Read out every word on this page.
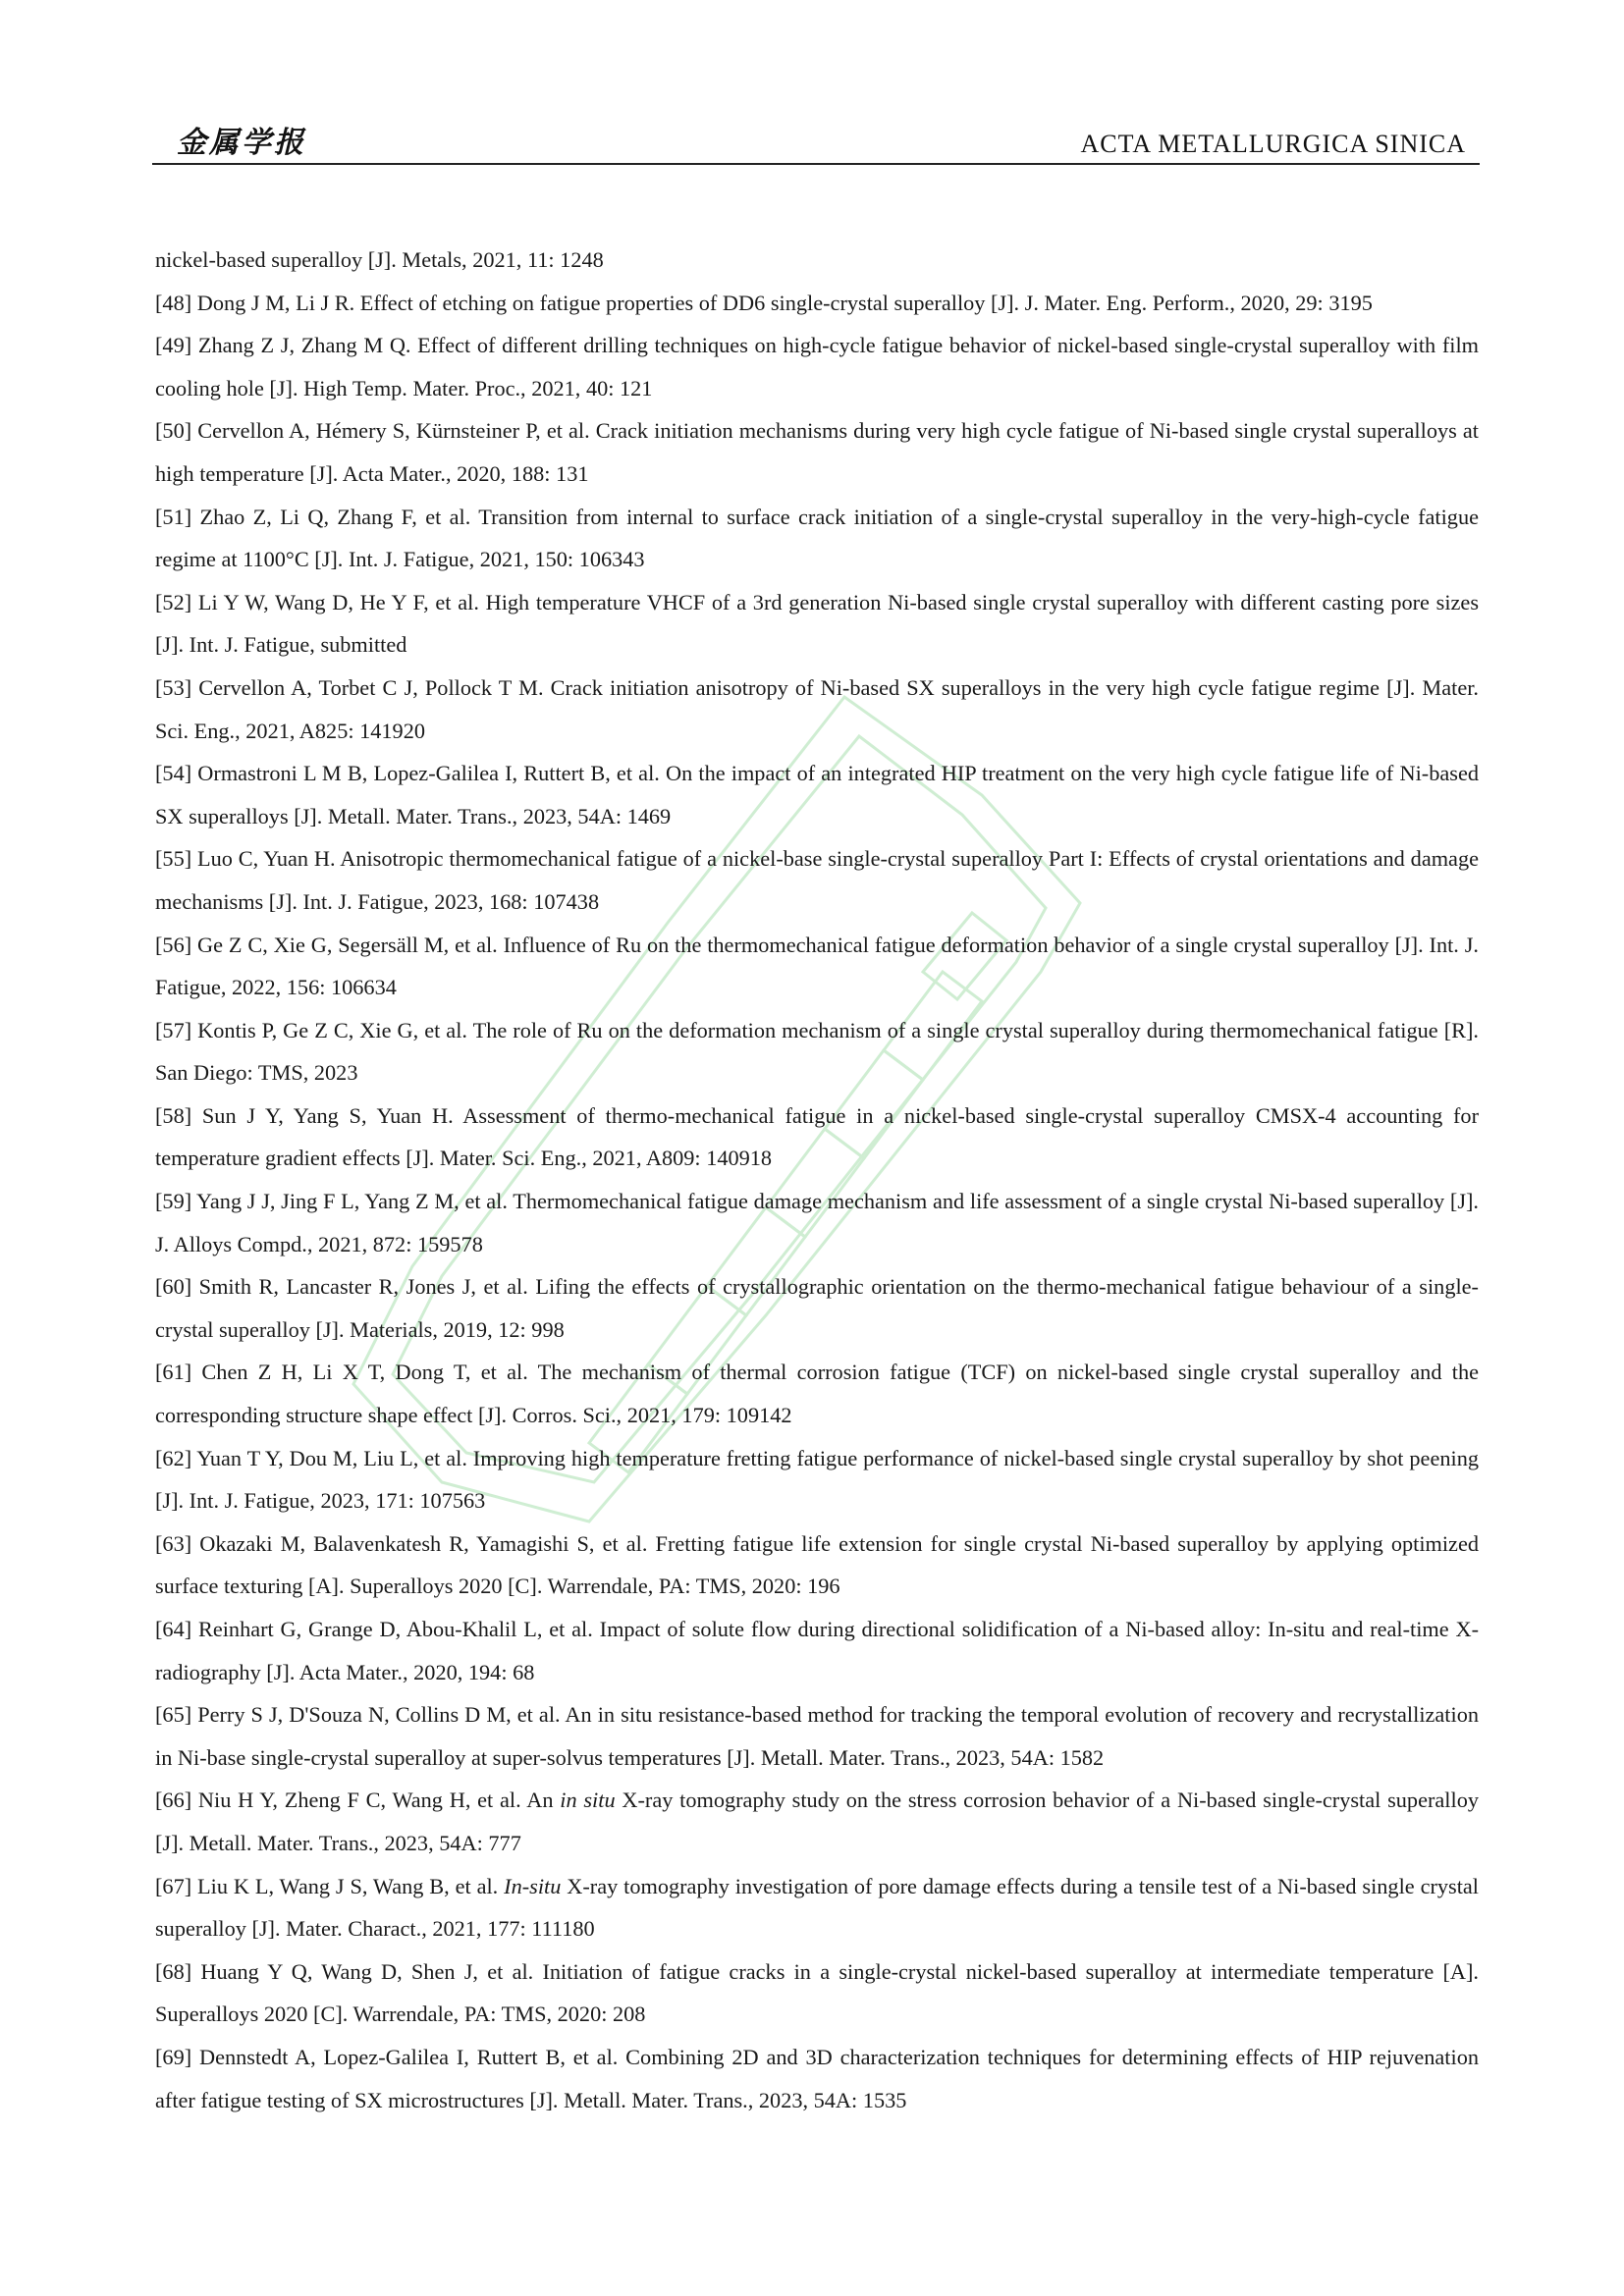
金属学报	ACTA METALLURGICA SINICA

nickel-based superalloy [J]. Metals, 2021, 11: 1248

[48] Dong J M, Li J R. Effect of etching on fatigue properties of DD6 single-crystal superalloy [J]. J. Mater. Eng. Perform., 2020, 29: 3195

[49] Zhang Z J, Zhang M Q. Effect of different drilling techniques on high-cycle fatigue behavior of nickel-based single-crystal superalloy with film cooling hole [J]. High Temp. Mater. Proc., 2021, 40: 121

[50] Cervellon A, Hémery S, Kürnsteiner P, et al. Crack initiation mechanisms during very high cycle fatigue of Ni-based single crystal superalloys at high temperature [J]. Acta Mater., 2020, 188: 131

[51] Zhao Z, Li Q, Zhang F, et al. Transition from internal to surface crack initiation of a single-crystal superalloy in the very-high-cycle fatigue regime at 1100°C [J]. Int. J. Fatigue, 2021, 150: 106343

[52] Li Y W, Wang D, He Y F, et al. High temperature VHCF of a 3rd generation Ni-based single crystal superalloy with different casting pore sizes [J]. Int. J. Fatigue, submitted

[53] Cervellon A, Torbet C J, Pollock T M. Crack initiation anisotropy of Ni-based SX superalloys in the very high cycle fatigue regime [J]. Mater. Sci. Eng., 2021, A825: 141920

[54] Ormastroni L M B, Lopez-Galilea I, Ruttert B, et al. On the impact of an integrated HIP treatment on the very high cycle fatigue life of Ni-based SX superalloys [J]. Metall. Mater. Trans., 2023, 54A: 1469

[55] Luo C, Yuan H. Anisotropic thermomechanical fatigue of a nickel-base single-crystal superalloy Part I: Effects of crystal orientations and damage mechanisms [J]. Int. J. Fatigue, 2023, 168: 107438

[56] Ge Z C, Xie G, Segersäll M, et al. Influence of Ru on the thermomechanical fatigue deformation behavior of a single crystal superalloy [J]. Int. J. Fatigue, 2022, 156: 106634

[57] Kontis P, Ge Z C, Xie G, et al. The role of Ru on the deformation mechanism of a single crystal superalloy during thermomechanical fatigue [R]. San Diego: TMS, 2023

[58] Sun J Y, Yang S, Yuan H. Assessment of thermo-mechanical fatigue in a nickel-based single-crystal superalloy CMSX-4 accounting for temperature gradient effects [J]. Mater. Sci. Eng., 2021, A809: 140918

[59] Yang J J, Jing F L, Yang Z M, et al. Thermomechanical fatigue damage mechanism and life assessment of a single crystal Ni-based superalloy [J]. J. Alloys Compd., 2021, 872: 159578

[60] Smith R, Lancaster R, Jones J, et al. Lifing the effects of crystallographic orientation on the thermo-mechanical fatigue behaviour of a single-crystal superalloy [J]. Materials, 2019, 12: 998

[61] Chen Z H, Li X T, Dong T, et al. The mechanism of thermal corrosion fatigue (TCF) on nickel-based single crystal superalloy and the corresponding structure shape effect [J]. Corros. Sci., 2021, 179: 109142

[62] Yuan T Y, Dou M, Liu L, et al. Improving high temperature fretting fatigue performance of nickel-based single crystal superalloy by shot peening [J]. Int. J. Fatigue, 2023, 171: 107563

[63] Okazaki M, Balavenkatesh R, Yamagishi S, et al. Fretting fatigue life extension for single crystal Ni-based superalloy by applying optimized surface texturing [A]. Superalloys 2020 [C]. Warrendale, PA: TMS, 2020: 196

[64] Reinhart G, Grange D, Abou-Khalil L, et al. Impact of solute flow during directional solidification of a Ni-based alloy: In-situ and real-time X-radiography [J]. Acta Mater., 2020, 194: 68

[65] Perry S J, D'Souza N, Collins D M, et al. An in situ resistance-based method for tracking the temporal evolution of recovery and recrystallization in Ni-base single-crystal superalloy at super-solvus temperatures [J]. Metall. Mater. Trans., 2023, 54A: 1582

[66] Niu H Y, Zheng F C, Wang H, et al. An in situ X-ray tomography study on the stress corrosion behavior of a Ni-based single-crystal superalloy [J]. Metall. Mater. Trans., 2023, 54A: 777

[67] Liu K L, Wang J S, Wang B, et al. In-situ X-ray tomography investigation of pore damage effects during a tensile test of a Ni-based single crystal superalloy [J]. Mater. Charact., 2021, 177: 111180

[68] Huang Y Q, Wang D, Shen J, et al. Initiation of fatigue cracks in a single-crystal nickel-based superalloy at intermediate temperature [A]. Superalloys 2020 [C]. Warrendale, PA: TMS, 2020: 208

[69] Dennstedt A, Lopez-Galilea I, Ruttert B, et al. Combining 2D and 3D characterization techniques for determining effects of HIP rejuvenation after fatigue testing of SX microstructures [J]. Metall. Mater. Trans., 2023, 54A: 1535
